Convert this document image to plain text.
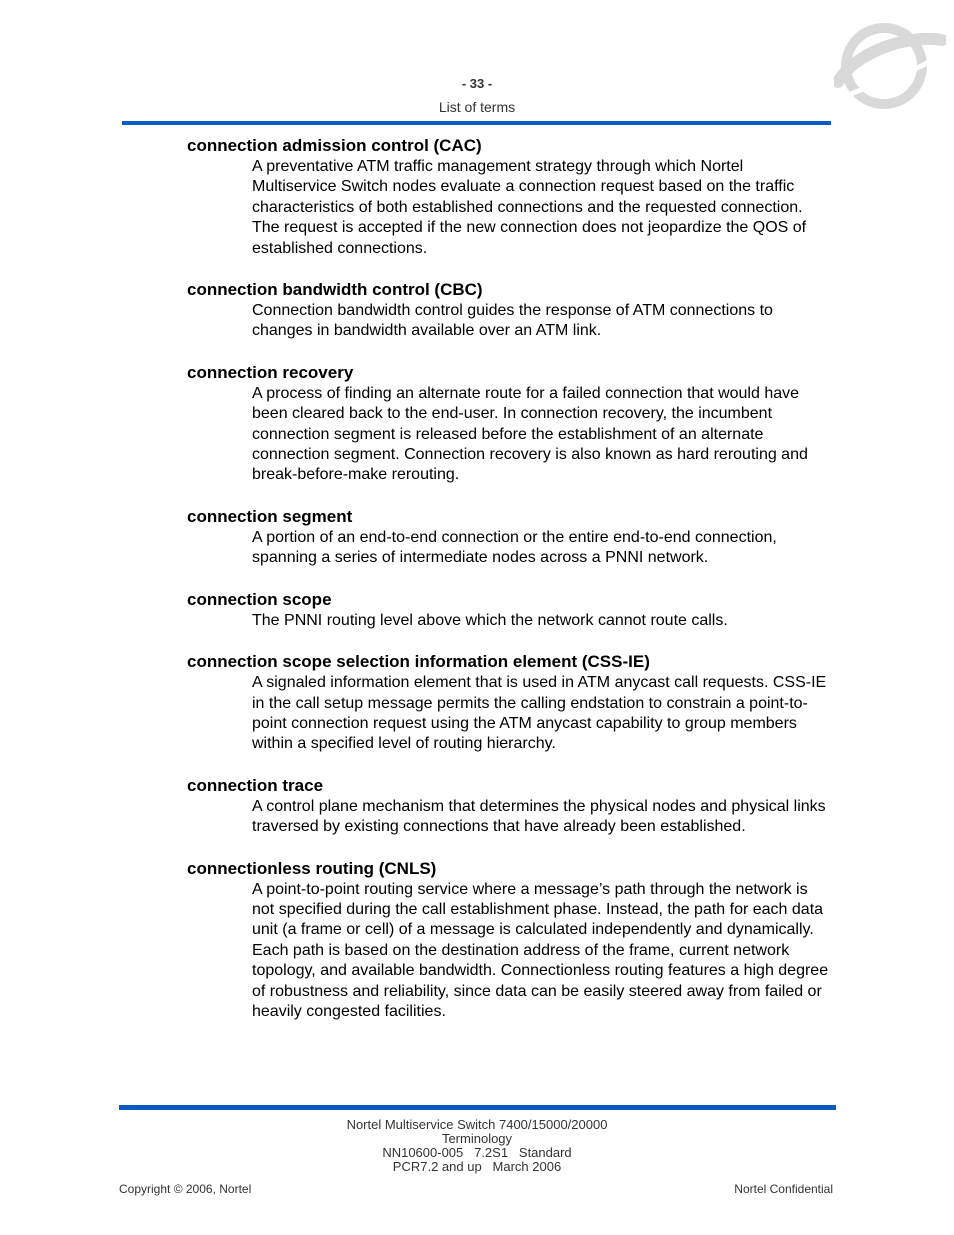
- 33 -
List of terms

connection admission control (CAC)

A preventative ATM traffic management strategy through which Nortel Multiservice Switch nodes evaluate a connection request based on the traffic characteristics of both established connections and the requested connection. The request is accepted if the new connection does not jeopardize the QOS of established connections.

connection bandwidth control (CBC)

Connection bandwidth control guides the response of ATM connections to changes in bandwidth available over an ATM link.

connection recovery

A process of finding an alternate route for a failed connection that would have been cleared back to the end-user. In connection recovery, the incumbent connection segment is released before the establishment of an alternate connection segment. Connection recovery is also known as hard rerouting and break-before-make rerouting.

connection segment

A portion of an end-to-end connection or the entire end-to-end connection, spanning a series of intermediate nodes across a PNNI network.

connection scope

The PNNI routing level above which the network cannot route calls.

connection scope selection information element (CSS-IE)

A signaled information element that is used in ATM anycast call requests. CSS-IE in the call setup message permits the calling endstation to constrain a point-to-point connection request using the ATM anycast capability to group members within a specified level of routing hierarchy.

connection trace

A control plane mechanism that determines the physical nodes and physical links traversed by existing connections that have already been established.

connectionless routing (CNLS)

A point-to-point routing service where a message’s path through the network is not specified during the call establishment phase. Instead, the path for each data unit (a frame or cell) of a message is calculated independently and dynamically. Each path is based on the destination address of the frame, current network topology, and available bandwidth. Connectionless routing features a high degree of robustness and reliability, since data can be easily steered away from failed or heavily congested facilities.

Nortel Multiservice Switch 7400/15000/20000
Terminology
NN10600-005   7.2S1   Standard
PCR7.2 and up   March 2006
Copyright © 2006, Nortel	Nortel Confidential
